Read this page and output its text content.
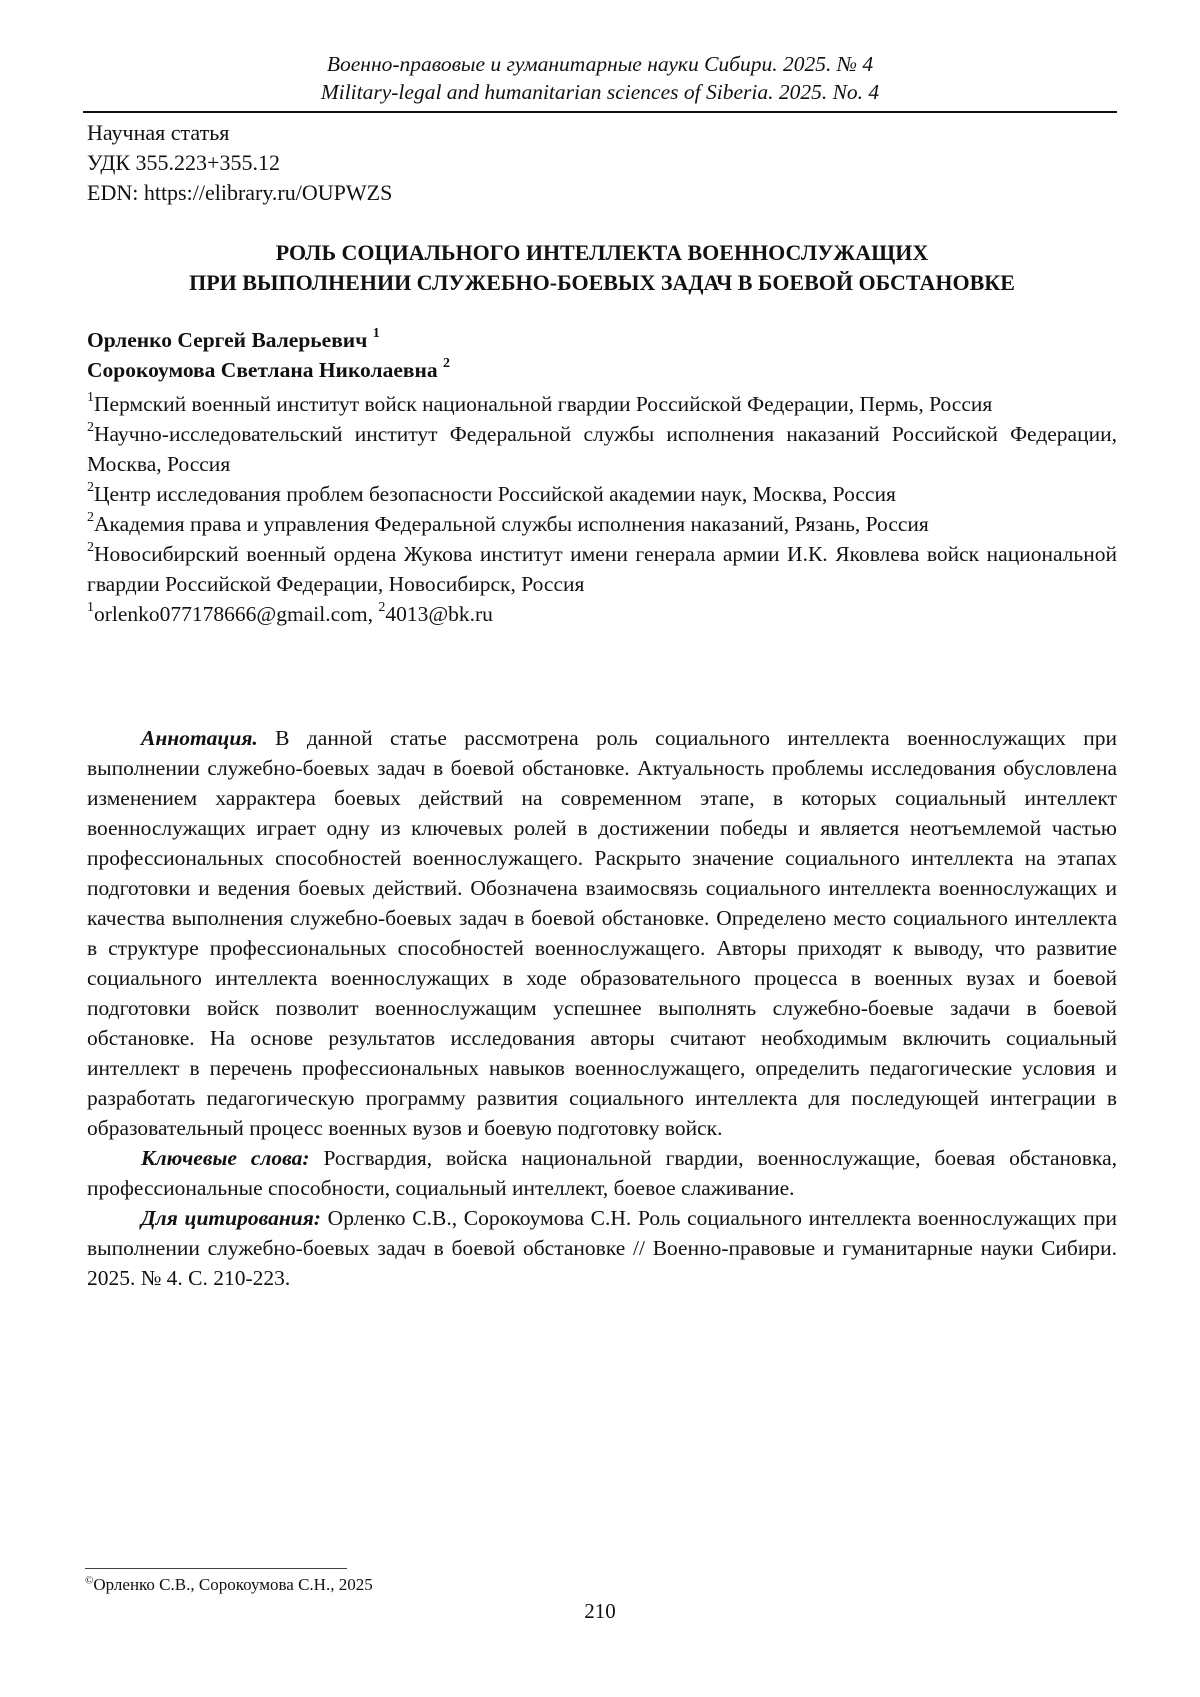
Военно-правовые и гуманитарные науки Сибири. 2025. № 4
Military-legal and humanitarian sciences of Siberia. 2025. No. 4
Научная статья
УДК 355.223+355.12
EDN: https://elibrary.ru/OUPWZS
РОЛЬ СОЦИАЛЬНОГО ИНТЕЛЛЕКТА ВОЕННОСЛУЖАЩИХ
ПРИ ВЫПОЛНЕНИИ СЛУЖЕБНО-БОЕВЫХ ЗАДАЧ В БОЕВОЙ ОБСТАНОВКЕ
Орленко Сергей Валерьевич $^1$
Сорокоумова Светлана Николаевна $^2$

$^1$Пермский военный институт войск национальной гвардии Российской Федерации, Пермь, Россия

$^2$Научно-исследовательский институт Федеральной службы исполнения наказаний Российской Федерации, Москва, Россия

$^2$Центр исследования проблем безопасности Российской академии наук, Москва, Россия

$^2$Академия права и управления Федеральной службы исполнения наказаний, Рязань, Россия

$^2$Новосибирский военный ордена Жукова институт имени генерала армии И.К. Яковлева войск национальной гвардии Российской Федерации, Новосибирск, Россия

$^1$orlenko077178666@gmail.com, $^2$4013@bk.ru

Аннотация. В данной статье рассмотрена роль социального интеллекта военнослужащих при выполнении служебно-боевых задач в боевой обстановке. Актуальность проблемы исследования обусловлена изменением харрактера боевых действий на современном этапе, в которых социальный интеллект военнослужащих играет одну из ключевых ролей в достижении победы и является неотъемлемой частью профессиональных способностей военнослужащего. Раскрыто значение социального интеллекта на этапах подготовки и ведения боевых действий. Обозначена взаимосвязь социального интеллекта военнослужащих и качества выполнения служебно-боевых задач в боевой обстановке. Определено место социального интеллекта в структуре профессиональных способностей военнослужащего. Авторы приходят к выводу, что развитие социального интеллекта военнослужащих в ходе образовательного процесса в военных вузах и боевой подготовки войск позволит военнослужащим успешнее выполнять служебно-боевые задачи в боевой обстановке. На основе результатов исследования авторы считают необходимым включить социальный интеллект в перечень профессиональных навыков военнослужащего, определить педагогические условия и разработать педагогическую программу развития социального интеллекта для последующей интеграции в образовательный процесс военных вузов и боевую подготовку войск.

Ключевые слова: Росгвардия, войска национальной гвардии, военнослужащие, боевая обстановка, профессиональные способности, социальный интеллект, боевое слаживание.

Для цитирования: Орленко С.В., Сорокоумова С.Н. Роль социального интеллекта военнослужащих при выполнении служебно-боевых задач в боевой обстановке // Военно-правовые и гуманитарные науки Сибири. 2025. № 4. С. 210-223.

©Орленко С.В., Сорокоумова С.Н., 2025
210
